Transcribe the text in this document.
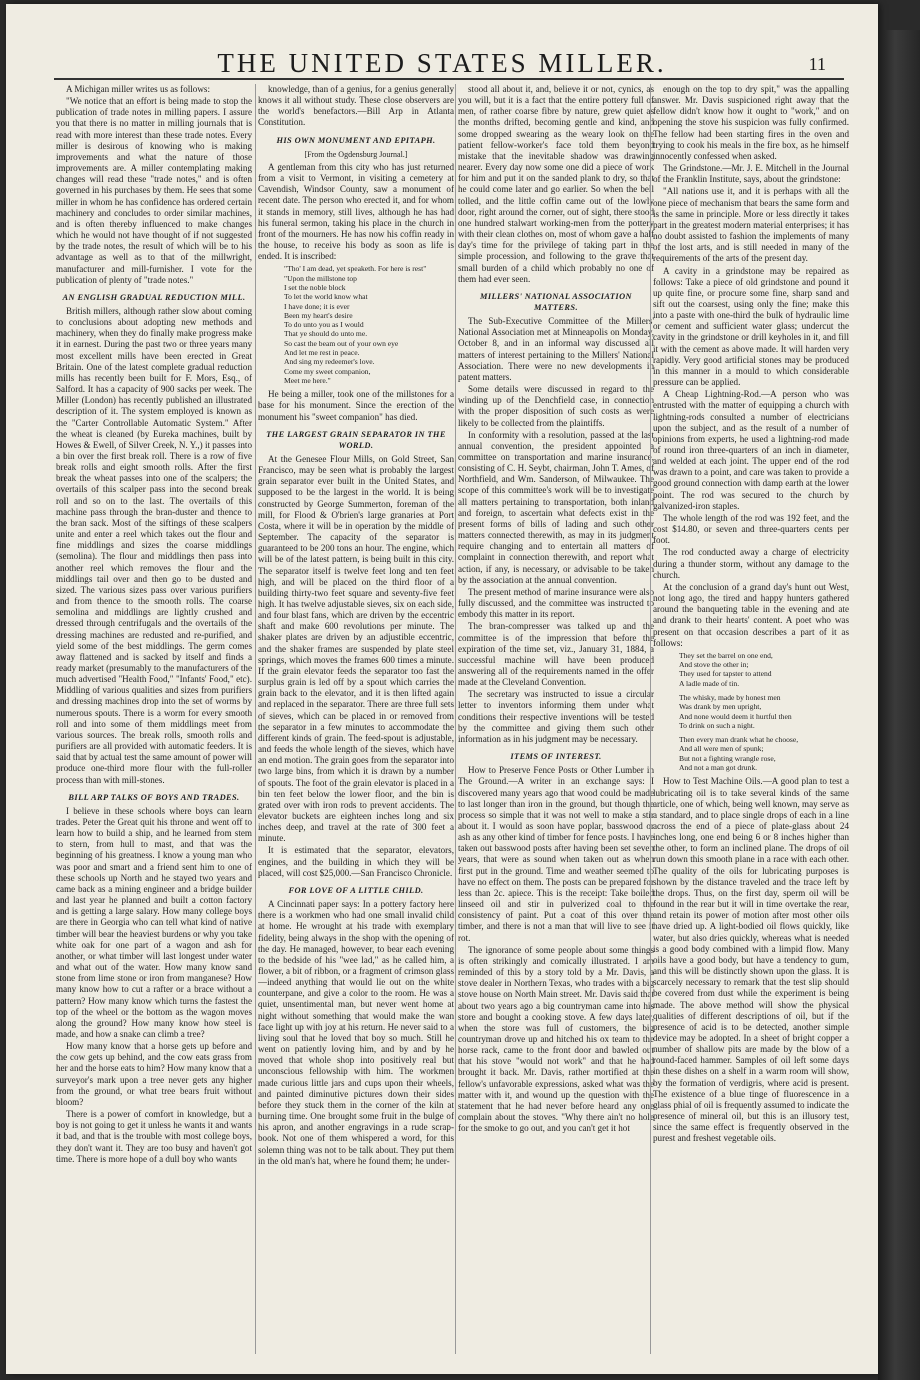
THE UNITED STATES MILLER.	11

A Michigan miller writes us as follows:

"We notice that an effort is being made to stop the publication of trade notes in milling papers. I assure you that there is no matter in milling journals that is read with more interest than these trade notes. Every miller is desirous of knowing who is making improvements and what the nature of those improvements are. A miller contemplating making changes will read these "trade notes," and is often governed in his purchases by them. He sees that some miller in whom he has confidence has ordered certain machinery and concludes to order similar machines, and is often thereby influenced to make changes which he would not have thought of if not suggested by the trade notes, the result of which will be to his advantage as well as to that of the millwright, manufacturer and mill-furnisher. I vote for the publication of plenty of "trade notes."

AN ENGLISH GRADUAL REDUCTION MILL.

British millers, although rather slow about coming to conclusions about adopting new methods and machinery, when they do finally make progress make it in earnest. During the past two or three years many most excellent mills have been erected in Great Britain. One of the latest complete gradual reduction mills has recently been built for F. Mors, Esq., of Salford. It has a capacity of 900 sacks per week. The Miller (London) has recently published an illustrated description of it. The system employed is known as the "Carter Controllable Automatic System." After the wheat is cleaned (by Eureka machines, built by Howes & Ewell, of Silver Creek, N. Y.,) it passes into a bin over the first break roll. There is a row of five break rolls and eight smooth rolls. After the first break the wheat passes into one of the scalpers; the overtails of this scalper pass into the second break roll and so on to the last. The overtails of this machine pass through the bran-duster and thence to the bran sack. Most of the siftings of these scalpers unite and enter a reel which takes out the flour and fine middlings and sizes the coarse middlings (semolina). The flour and middlings then pass into another reel which removes the flour and the middlings tail over and then go to be dusted and sized. The various sizes pass over various purifiers and from thence to the smooth rolls. The coarse semolina and middlings are lightly crushed and dressed through centrifugals and the overtails of the dressing machines are redusted and re-purified, and yield some of the best middlings. The germ comes away flattened and is sacked by itself and finds a ready market (presumably to the manufacturers of the much advertised "Health Food," "Infants' Food," etc). Middling of various qualities and sizes from purifiers and dressing machines drop into the set of worms by numerous spouts. There is a worm for every smooth roll and into some of them middlings meet from various sources. The break rolls, smooth rolls and purifiers are all provided with automatic feeders. It is said that by actual test the same amount of power will produce one-third more flour with the full-roller process than with mill-stones.

BILL ARP TALKS OF BOYS AND TRADES.

I believe in these schools where boys can learn trades. Peter the Great quit his throne and went off to learn how to build a ship, and he learned from stem to stern, from hull to mast, and that was the beginning of his greatness. I know a young man who was poor and smart and a friend sent him to one of these schools up North and he stayed two years and came back as a mining engineer and a bridge builder and last year he planned and built a cotton factory and is getting a large salary. How many college boys are there in Georgia who can tell what kind of native timber will bear the heaviest burdens or why you take white oak for one part of a wagon and ash for another, or what timber will last longest under water and what out of the water. How many know sand stone from lime stone or iron from manganese? How many know how to cut a rafter or a brace without a pattern? How many know which turns the fastest the top of the wheel or the bottom as the wagon moves along the ground? How many know how steel is made, and how a snake can climb a tree?

How many know that a horse gets up before and the cow gets up behind, and the cow eats grass from her and the horse eats to him? How many know that a surveyor's mark upon a tree never gets any higher from the ground, or what tree bears fruit without bloom?

There is a power of comfort in knowledge, but a boy is not going to get it unless he wants it and wants it bad, and that is the trouble with most college boys, they don't want it. They are too busy and haven't got time. There is more hope of a dull boy who wants

knowledge, than of a genius, for a genius generally knows it all without study. These close observers are the world's benefactors.—Bill Arp in Atlanta Constitution.

HIS OWN MONUMENT AND EPITAPH.

[From the Ogdensburg Journal.]

A gentleman from this city who has just returned from a visit to Vermont, in visiting a cemetery at Cavendish, Windsor County, saw a monument of recent date. The person who erected it, and for whom it stands in memory, still lives, although he has had his funeral sermon, taking his place in the church in front of the mourners. He has now his coffin ready in the house, to receive his body as soon as life is ended. It is inscribed:

"Tho' I am dead, yet speaketh. For here is rest"
"Upon the millstone top
I set the noble block
To let the world know what
I have done; it is ever
Been my heart's desire
To do unto you as I would
That ye should do unto me.
So cast the beam out of your own eye
And let me rest in peace.
And sing my redeemer's love.
Come my sweet companion,
Meet me here."

He being a miller, took one of the millstones for a base for his monument. Since the erection of the monument his "sweet companion" has died.

THE LARGEST GRAIN SEPARATOR IN THE WORLD.

At the Genesee Flour Mills, on Gold Street, San Francisco, may be seen what is probably the largest grain separator ever built in the United States, and supposed to be the largest in the world. It is being constructed by George Summerton, foreman of the mill, for Flood & O'brien's large granaries at Port Costa, where it will be in operation by the middle of September. The capacity of the separator is guaranteed to be 200 tons an hour. The engine, which will be of the latest pattern, is being built in this city. The separator itself is twelve feet long and ten feet high, and will be placed on the third floor of a building thirty-two feet square and seventy-five feet high. It has twelve adjustable sieves, six on each side, and four blast fans, which are driven by the eccentric shaft and make 600 revolutions per minute. The shaker plates are driven by an adjustible eccentric, and the shaker frames are suspended by plate steel springs, which moves the frames 600 times a minute. If the grain elevator feeds the separator too fast the surplus grain is led off by a spout which carries the grain back to the elevator, and it is then lifted again and replaced in the separator. There are three full sets of sieves, which can be placed in or removed from the separator in a few minutes to accommodate the different kinds of grain. The feed-spout is adjustable, and feeds the whole length of the sieves, which have an end motion. The grain goes from the separator into two large bins, from which it is drawn by a number of spouts. The foot of the grain elevator is placed in a bin ten feet below the lower floor, and the bin is grated over with iron rods to prevent accidents. The elevator buckets are eighteen inches long and six inches deep, and travel at the rate of 300 feet a minute.

It is estimated that the separator, elevators, engines, and the building in which they will be placed, will cost $25,000.—San Francisco Chronicle.

FOR LOVE OF A LITTLE CHILD.

A Cincinnati paper says: In a pottery factory here there is a workmen who had one small invalid child at home. He wrought at his trade with exemplary fidelity, being always in the shop with the opening of the day. He managed, however, to bear each evening to the bedside of his "wee lad," as he called him, a flower, a bit of ribbon, or a fragment of crimson glass—indeed anything that would lie out on the white counterpane, and give a color to the room. He was a quiet, unsentimental man, but never went home at night without something that would make the wan face light up with joy at his return. He never said to a living soul that he loved that boy so much. Still he went on patiently loving him, and by and by he moved that whole shop into positively real but unconscious fellowship with him. The workmen made curious little jars and cups upon their wheels, and painted diminutive pictures down their sides before they stuck them in the corner of the kiln at burning time. One brought some fruit in the bulge of his apron, and another engravings in a rude scrap-book. Not one of them whispered a word, for this solemn thing was not to be talk about. They put them in the old man's hat, where he found them; he under-

stood all about it, and, believe it or not, cynics, as you will, but it is a fact that the entire pottery full of men, of rather coarse fibre by nature, grew quiet as the months drifted, becoming gentle and kind, and some dropped swearing as the weary look on the patient fellow-worker's face told them beyond mistake that the inevitable shadow was drawing nearer. Every day now some one did a piece of work for him and put it on the sanded plank to dry, so that he could come later and go earlier. So when the bell tolled, and the little coffin came out of the lowly door, right around the corner, out of sight, there stood one hundred stalwart working-men from the pottery with their clean clothes on, most of whom gave a half day's time for the privilege of taking part in the simple procession, and following to the grave that small burden of a child which probably no one of them had ever seen.

MILLERS' NATIONAL ASSOCIATION MATTERS.

The Sub-Executive Committee of the Millers' National Association met at Minneapolis on Monday, October 8, and in an informal way discussed all matters of interest pertaining to the Millers' National Association. There were no new developments in patent matters.

Some details were discussed in regard to the winding up of the Denchfield case, in connection with the proper disposition of such costs as were likely to be collected from the plaintiffs.

In conformity with a resolution, passed at the last annual convention, the president appointed a committee on transportation and marine insurance, consisting of C. H. Seybt, chairman, John T. Ames, of Northfield, and Wm. Sanderson, of Milwaukee. The scope of this committee's work will be to investigate all matters pertaining to transportation, both inland and foreign, to ascertain what defects exist in the present forms of bills of lading and such other matters connected therewith, as may in its judgment require changing and to entertain all matters of complaint in connection therewith, and report what action, if any, is necessary, or advisable to be taken by the association at the annual convention.

The present method of marine insurance were also fully discussed, and the committee was instructed to embody this matter in its report.

The bran-compresser was talked up and the committee is of the impression that before the expiration of the time set, viz., January 31, 1884, a successful machine will have been produced answering all of the requirements named in the offer made at the Cleveland Convention.

The secretary was instructed to issue a circular letter to inventors informing them under what conditions their respective inventions will be tested by the committee and giving them such other information as in his judgment may be necessary.

ITEMS OF INTEREST.

How to Preserve Fence Posts or Other Lumber in The Ground.—A writer in an exchange says: I discovered many years ago that wood could be made to last longer than iron in the ground, but though the process so simple that it was not well to make a stir about it. I would as soon have poplar, basswood or ash as any other kind of timber for fence posts. I have taken out basswood posts after having been set seven years, that were as sound when taken out as when first put in the ground. Time and weather seemed to have no effect on them. The posts can be prepared for less than 2c. apiece. This is the receipt: Take boiled linseed oil and stir in pulverized coal to the consistency of paint. Put a coat of this over the timber, and there is not a man that will live to see it rot.

The ignorance of some people about some things is often strikingly and comically illustrated. I am reminded of this by a story told by a Mr. Davis, a stove dealer in Northern Texas, who trades with a big stove house on North Main street. Mr. Davis said that about two years ago a big countryman came into his store and bought a cooking stove. A few days later, when the store was full of customers, the big countryman drove up and hitched his ox team to the horse rack, came to the front door and bawled out that his stove "would not work" and that he had brought it back. Mr. Davis, rather mortified at the fellow's unfavorable expressions, asked what was the matter with it, and wound up the question with the statement that he had never before heard any one complain about the stoves. "Why there ain't no hole for the smoke to go out, and you can't get it hot

enough on the top to dry spit," was the appalling answer. Mr. Davis suspicioned right away that the fellow didn't know how it ought to "work," and on opening the stove his suspicion was fully confirmed. The fellow had been starting fires in the oven and trying to cook his meals in the fire box, as he himself innocently confessed when asked.

The Grindstone.—Mr. J. E. Mitchell in the Journal of the Franklin Institute, says, about the grindstone:

"All nations use it, and it is perhaps with all the one piece of mechanism that bears the same form and is the same in principle. More or less directly it takes part in the greatest modern material enterprises; it has no doubt assisted to fashion the implements of many of the lost arts, and is still needed in many of the requirements of the arts of the present day.

A cavity in a grindstone may be repaired as follows: Take a piece of old grindstone and pound it up quite fine, or procure some fine, sharp sand and sift out the coarsest, using only the fine; make this into a paste with one-third the bulk of hydraulic lime or cement and sufficient water glass; undercut the cavity in the grindstone or drill keyholes in it, and fill it with the cement as above made. It will harden very rapidly. Very good artificial stones may be produced in this manner in a mould to which considerable pressure can be applied.

A Cheap Lightning-Rod.—A person who was entrusted with the matter of equipping a church with lightning-rods consulted a number of electricians upon the subject, and as the result of a number of opinions from experts, he used a lightning-rod made of round iron three-quarters of an inch in diameter, and welded at each joint. The upper end of the rod was drawn to a point, and care was taken to provide a good ground connection with damp earth at the lower point. The rod was secured to the church by galvanized-iron staples.

The whole length of the rod was 192 feet, and the cost $14.80, or seven and three-quarters cents per foot.

The rod conducted away a charge of electricity during a thunder storm, without any damage to the church.

At the conclusion of a grand day's hunt out West, not long ago, the tired and happy hunters gathered around the banqueting table in the evening and ate and drank to their hearts' content. A poet who was present on that occasion describes a part of it as follows:

They set the barrel on one end,
And stove the other in;
They used for tapster to attend
A ladle made of tin.
The whisky, made by honest men
Was drank by men upright,
And none would deem it hurtful then
To drink on such a night.
Then every man drank what he choose,
And all were men of spunk;
But not a fighting wrangle rose,
And not a man got drunk.

How to Test Machine Oils.—A good plan to test a lubricating oil is to take several kinds of the same article, one of which, being well known, may serve as a standard, and to place single drops of each in a line across the end of a piece of plate-glass about 24 inches long, one end being 6 or 8 inches higher than the other, to form an inclined plane. The drops of oil run down this smooth plane in a race with each other. The quality of the oils for lubricating purposes is shown by the distance traveled and the trace left by the drops. Thus, on the first day, sperm oil will be found in the rear but it will in time overtake the rear, and retain its power of motion after most other oils have dried up. A light-bodied oil flows quickly, like water, but also dries quickly, whereas what is needed is a good body combined with a limpid flow. Many oils have a good body, but have a tendency to gum, and this will be distinctly shown upon the glass. It is scarcely necessary to remark that the test slip should be covered from dust while the experiment is being made. The above method will show the physical qualities of different descriptions of oil, but if the presence of acid is to be detected, another simple device may be adopted. In a sheet of bright copper a number of shallow pits are made by the blow of a round-faced hammer. Samples of oil left some days in these dishes on a shelf in a warm room will show, by the formation of verdigris, where acid is present. The existence of a blue tinge of fluorescence in a glass phial of oil is frequently assumed to indicate the presence of mineral oil, but this is an illusory test, since the same effect is frequently observed in the purest and freshest vegetable oils.
